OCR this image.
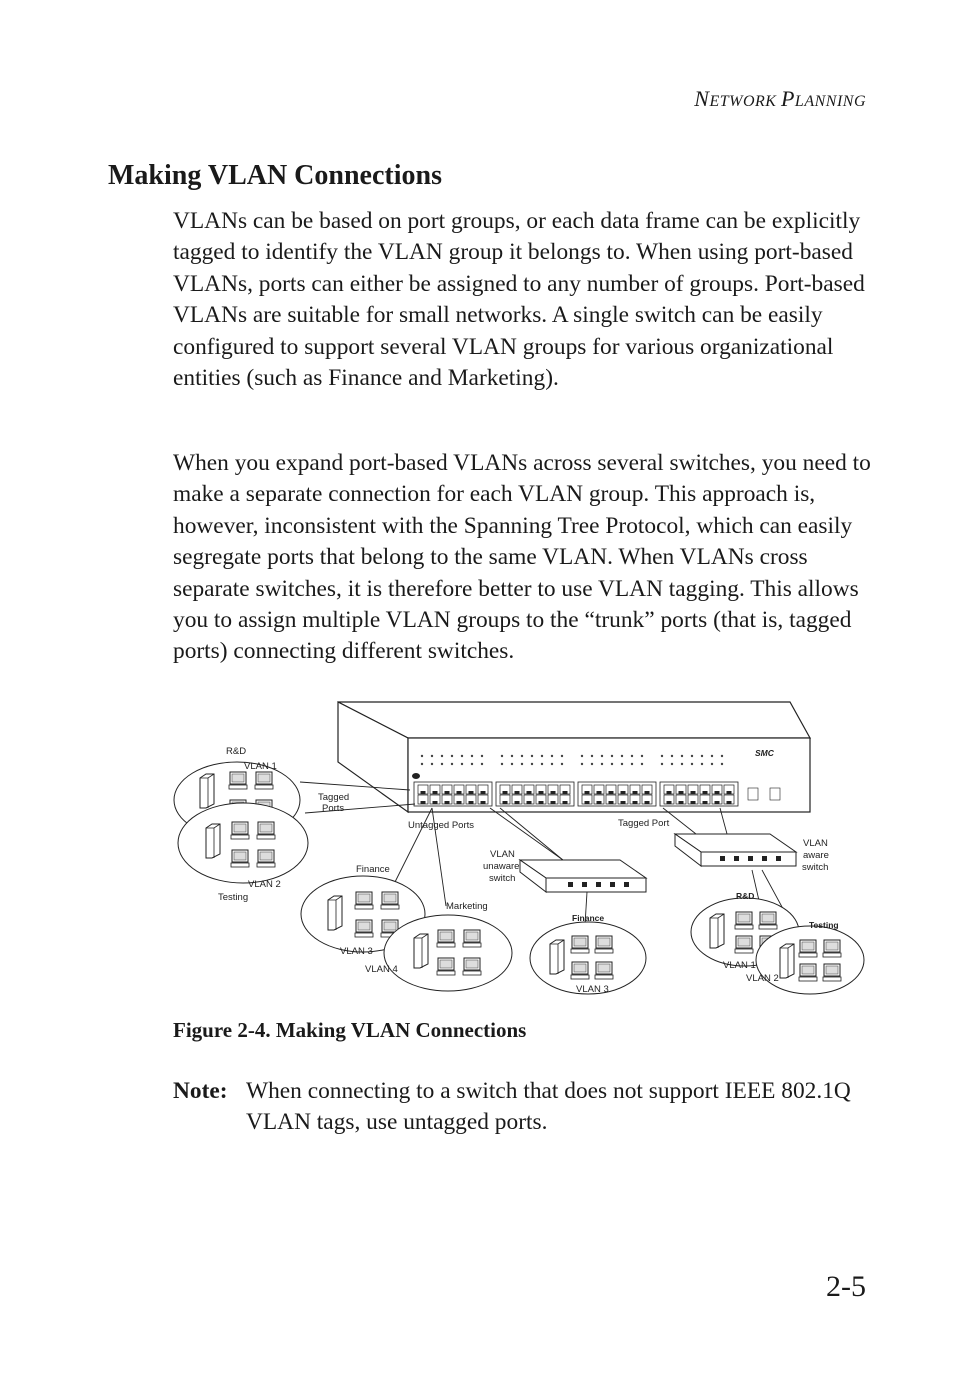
NETWORK PLANNING
Making VLAN Connections

VLANs can be based on port groups, or each data frame can be explicitly tagged to identify the VLAN group it belongs to. When using port-based VLANs, ports can either be assigned to any number of groups. Port-based VLANs are suitable for small networks. A single switch can be easily configured to support several VLAN groups for various organizational entities (such as Finance and Marketing).

When you expand port-based VLANs across several switches, you need to make a separate connection for each VLAN group. This approach is, however, inconsistent with the Spanning Tree Protocol, which can easily segregate ports that belong to the same VLAN. When VLANs cross separate switches, it is therefore better to use VLAN tagging. This allows you to assign multiple VLAN groups to the “trunk” ports (that is, tagged ports) connecting different switches.

SMC
R&D
VLAN 1
Tagged
Ports
VLAN 2
Testing
Untagged Ports	Tagged Port
Finance
VLAN
unaware
switch
VLAN
aware
switch
Marketing
VLAN 3
VLAN 4
Finance
VLAN 3
R&D
Testing
VLAN 1
VLAN 2

Figure 2-4. Making VLAN Connections

Note: When connecting to a switch that does not support IEEE 802.1Q VLAN tags, use untagged ports.
2-5
